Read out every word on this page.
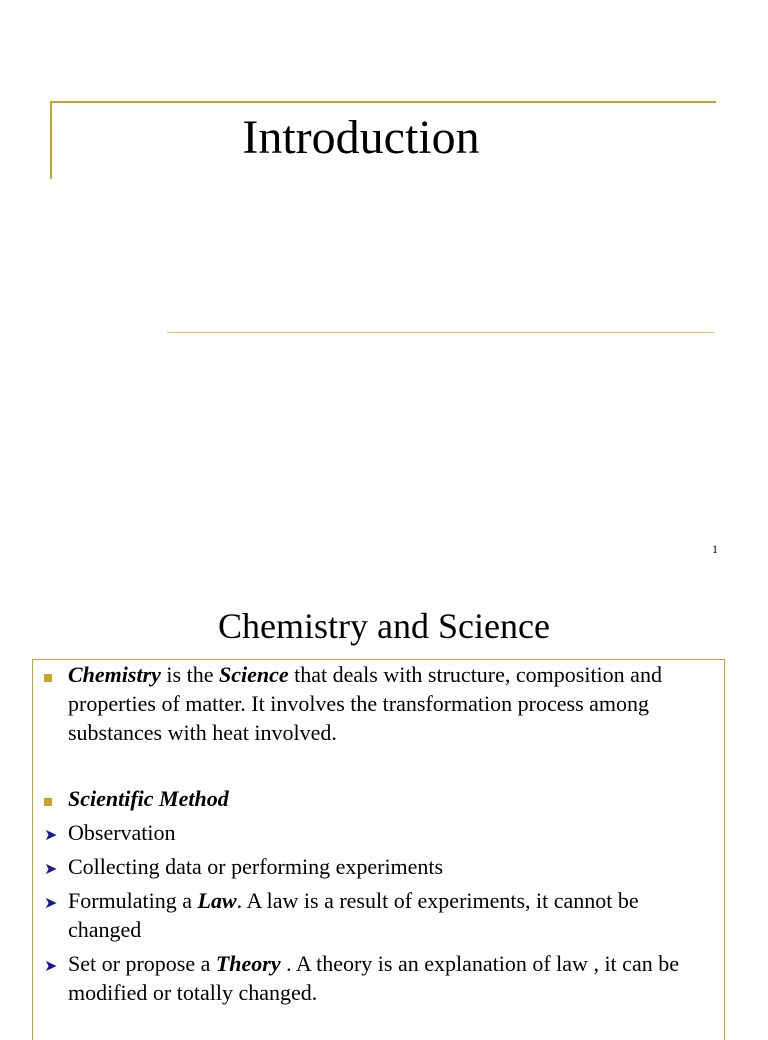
Introduction
1
Chemistry and Science
Chemistry is the Science that deals with structure, composition and properties of matter. It involves the transformation process among substances with heat involved.
Scientific Method
➤ Observation
➤ Collecting data or performing experiments
➤ Formulating a Law. A law is a result of experiments, it cannot be changed
➤ Set or propose a Theory . A theory is an explanation of law , it can be modified or totally changed.
